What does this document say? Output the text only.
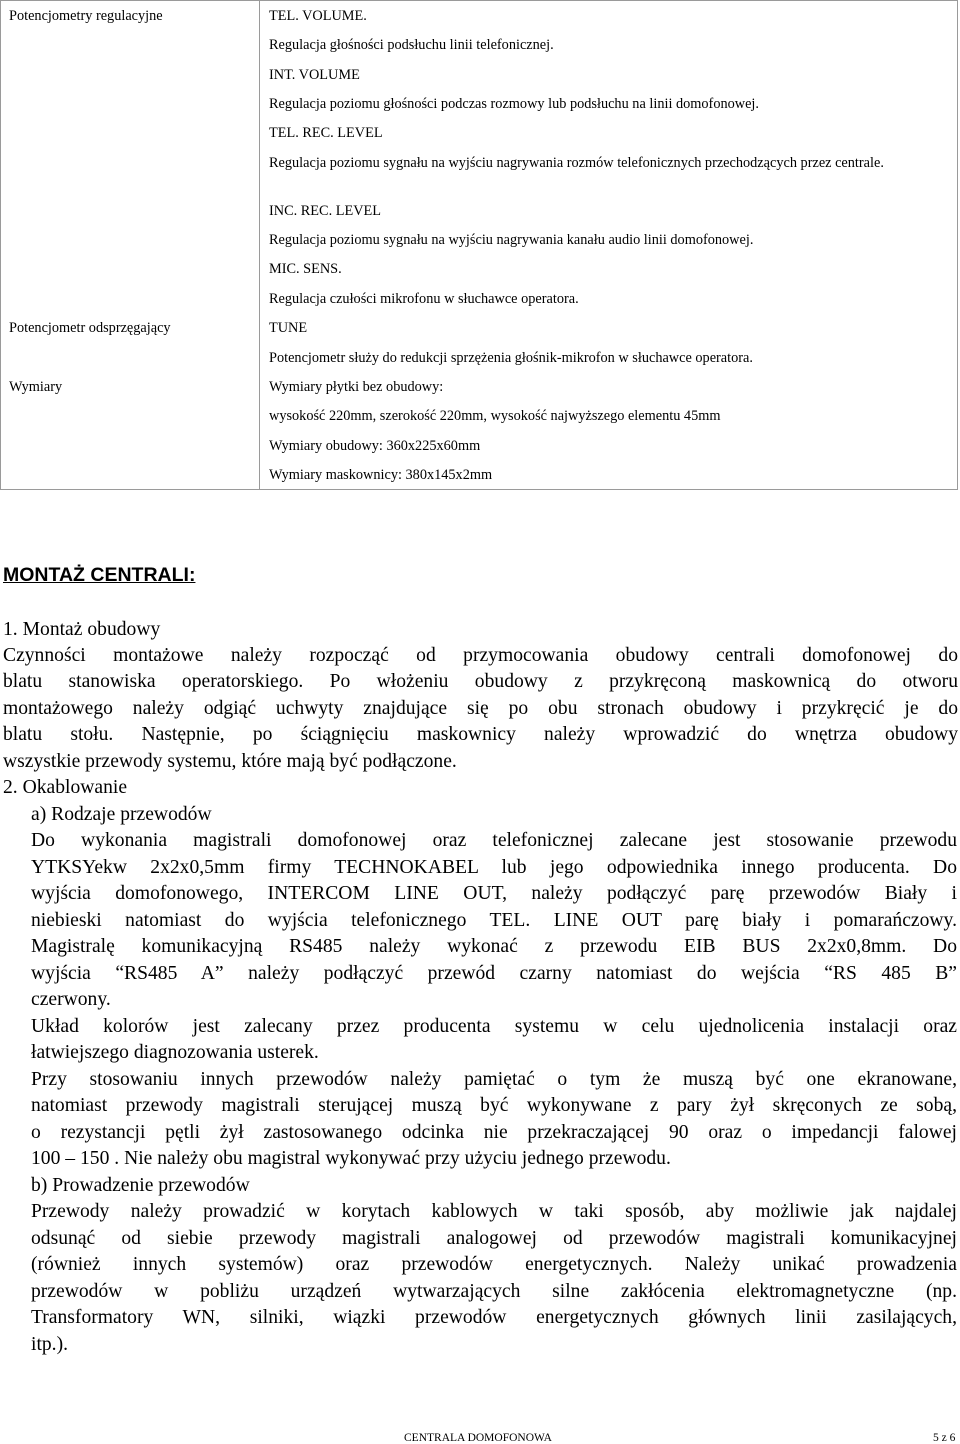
Potencjometry regulacyjne
Potencjometr odsprzęgający
Wymiary
TEL. VOLUME.
Regulacja głośności podsłuchu linii telefonicznej.
INT. VOLUME
Regulacja poziomu głośności podczas rozmowy lub podsłuchu na linii domofonowej.
TEL. REC. LEVEL
Regulacja poziomu sygnału na wyjściu nagrywania rozmów telefonicznych przechodzących przez centrale.
INC. REC. LEVEL
Regulacja poziomu sygnału na wyjściu nagrywania kanału audio linii domofonowej.
MIC. SENS.
Regulacja czułości mikrofonu w słuchawce operatora.
TUNE
Potencjometr służy do redukcji sprzężenia głośnik-mikrofon w słuchawce operatora.
Wymiary płytki bez obudowy:
wysokość 220mm, szerokość 220mm, wysokość najwyższego elementu 45mm
Wymiary obudowy: 360x225x60mm
Wymiary maskownicy: 380x145x2mm
MONTAŻ CENTRALI:
1. Montaż obudowy
Czynności montażowe należy rozpocząć od przymocowania obudowy centrali domofonowej do
blatu stanowiska operatorskiego. Po włożeniu obudowy z przykręconą maskownicą do otworu
montażowego należy odgiąć uchwyty znajdujące się po obu stronach obudowy i przykręcić je do
blatu stołu. Następnie, po ściągnięciu maskownicy należy wprowadzić do wnętrza obudowy
wszystkie przewody systemu, które mają być podłączone.
2. Okablowanie
a) Rodzaje przewodów
Do wykonania magistrali domofonowej oraz telefonicznej zalecane jest stosowanie przewodu
YTKSYekw 2x2x0,5mm firmy TECHNOKABEL lub jego odpowiednika innego producenta. Do
wyjścia domofonowego, INTERCOM LINE OUT, należy podłączyć parę przewodów Biały i
niebieski natomiast do wyjścia telefonicznego TEL. LINE OUT parę biały i pomarańczowy.
Magistralę komunikacyjną RS485 należy wykonać z przewodu EIB BUS 2x2x0,8mm. Do
wyjścia “RS485 A” należy podłączyć przewód czarny natomiast do wejścia “RS 485 B”
czerwony.
Układ kolorów jest zalecany przez producenta systemu w celu ujednolicenia instalacji oraz
łatwiejszego diagnozowania usterek.
Przy stosowaniu innych przewodów należy pamiętać o tym że muszą być one ekranowane,
natomiast przewody magistrali sterującej muszą być wykonywane z pary żył skręconych ze sobą,
o rezystancji pętli żył zastosowanego odcinka nie przekraczającej 90 oraz o impedancji falowej
100 – 150 . Nie należy obu magistral wykonywać przy użyciu jednego przewodu.
b) Prowadzenie przewodów
Przewody należy prowadzić w korytach kablowych w taki sposób, aby możliwie jak najdalej
odsunąć od siebie przewody magistrali analogowej od przewodów magistrali komunikacyjnej
(również innych systemów) oraz przewodów energetycznych. Należy unikać prowadzenia
przewodów w pobliżu urządzeń wytwarzających silne zakłócenia elektromagnetyczne (np.
Transformatory WN, silniki, wiązki przewodów energetycznych głównych linii zasilających,
itp.).
CENTRALA DOMOFONOWA	5 z 6
